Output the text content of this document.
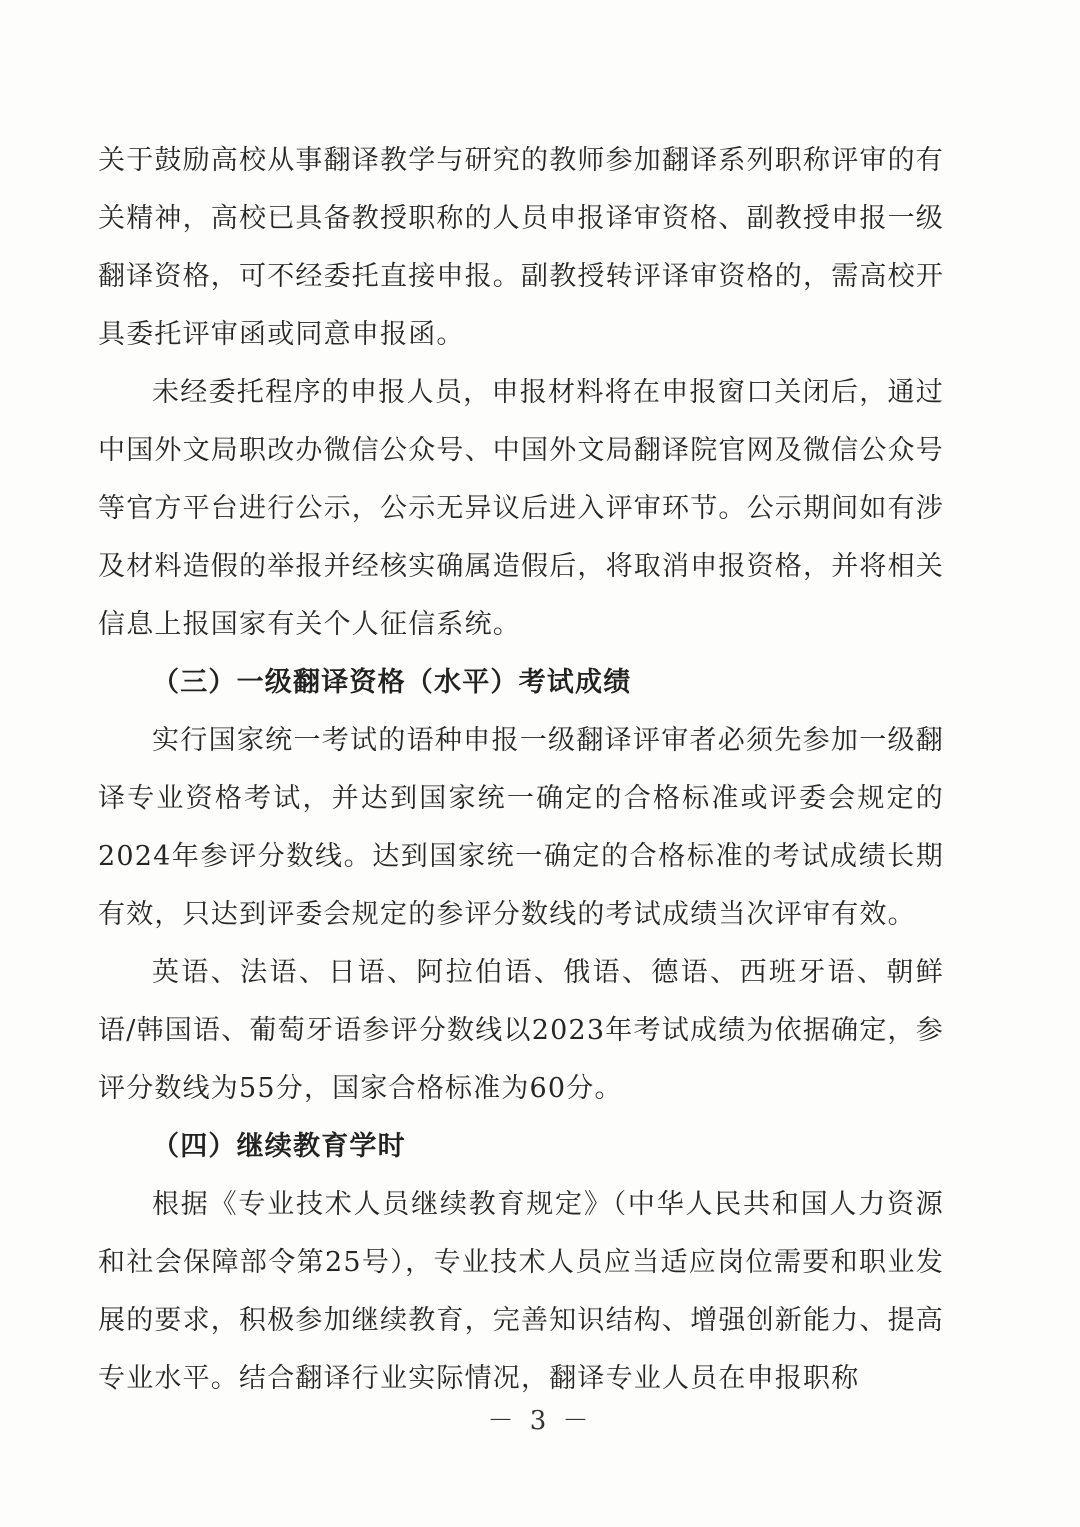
关于鼓励高校从事翻译教学与研究的教师参加翻译系列职称评审的有关精神，高校已具备教授职称的人员申报译审资格、副教授申报一级翻译资格，可不经委托直接申报。副教授转评译审资格的，需高校开具委托评审函或同意申报函。

未经委托程序的申报人员，申报材料将在申报窗口关闭后，通过中国外文局职改办微信公众号、中国外文局翻译院官网及微信公众号等官方平台进行公示，公示无异议后进入评审环节。公示期间如有涉及材料造假的举报并经核实确属造假后，将取消申报资格，并将相关信息上报国家有关个人征信系统。

（三）一级翻译资格（水平）考试成绩

实行国家统一考试的语种申报一级翻译评审者必须先参加一级翻译专业资格考试，并达到国家统一确定的合格标准或评委会规定的2024年参评分数线。达到国家统一确定的合格标准的考试成绩长期有效，只达到评委会规定的参评分数线的考试成绩当次评审有效。

英语、法语、日语、阿拉伯语、俄语、德语、西班牙语、朝鲜语/韩国语、葡萄牙语参评分数线以2023年考试成绩为依据确定，参评分数线为55分，国家合格标准为60分。

（四）继续教育学时

根据《专业技术人员继续教育规定》（中华人民共和国人力资源和社会保障部令第25号），专业技术人员应当适应岗位需要和职业发展的要求，积极参加继续教育，完善知识结构、增强创新能力、提高专业水平。结合翻译行业实际情况，翻译专业人员在申报职称

－ 3 －
